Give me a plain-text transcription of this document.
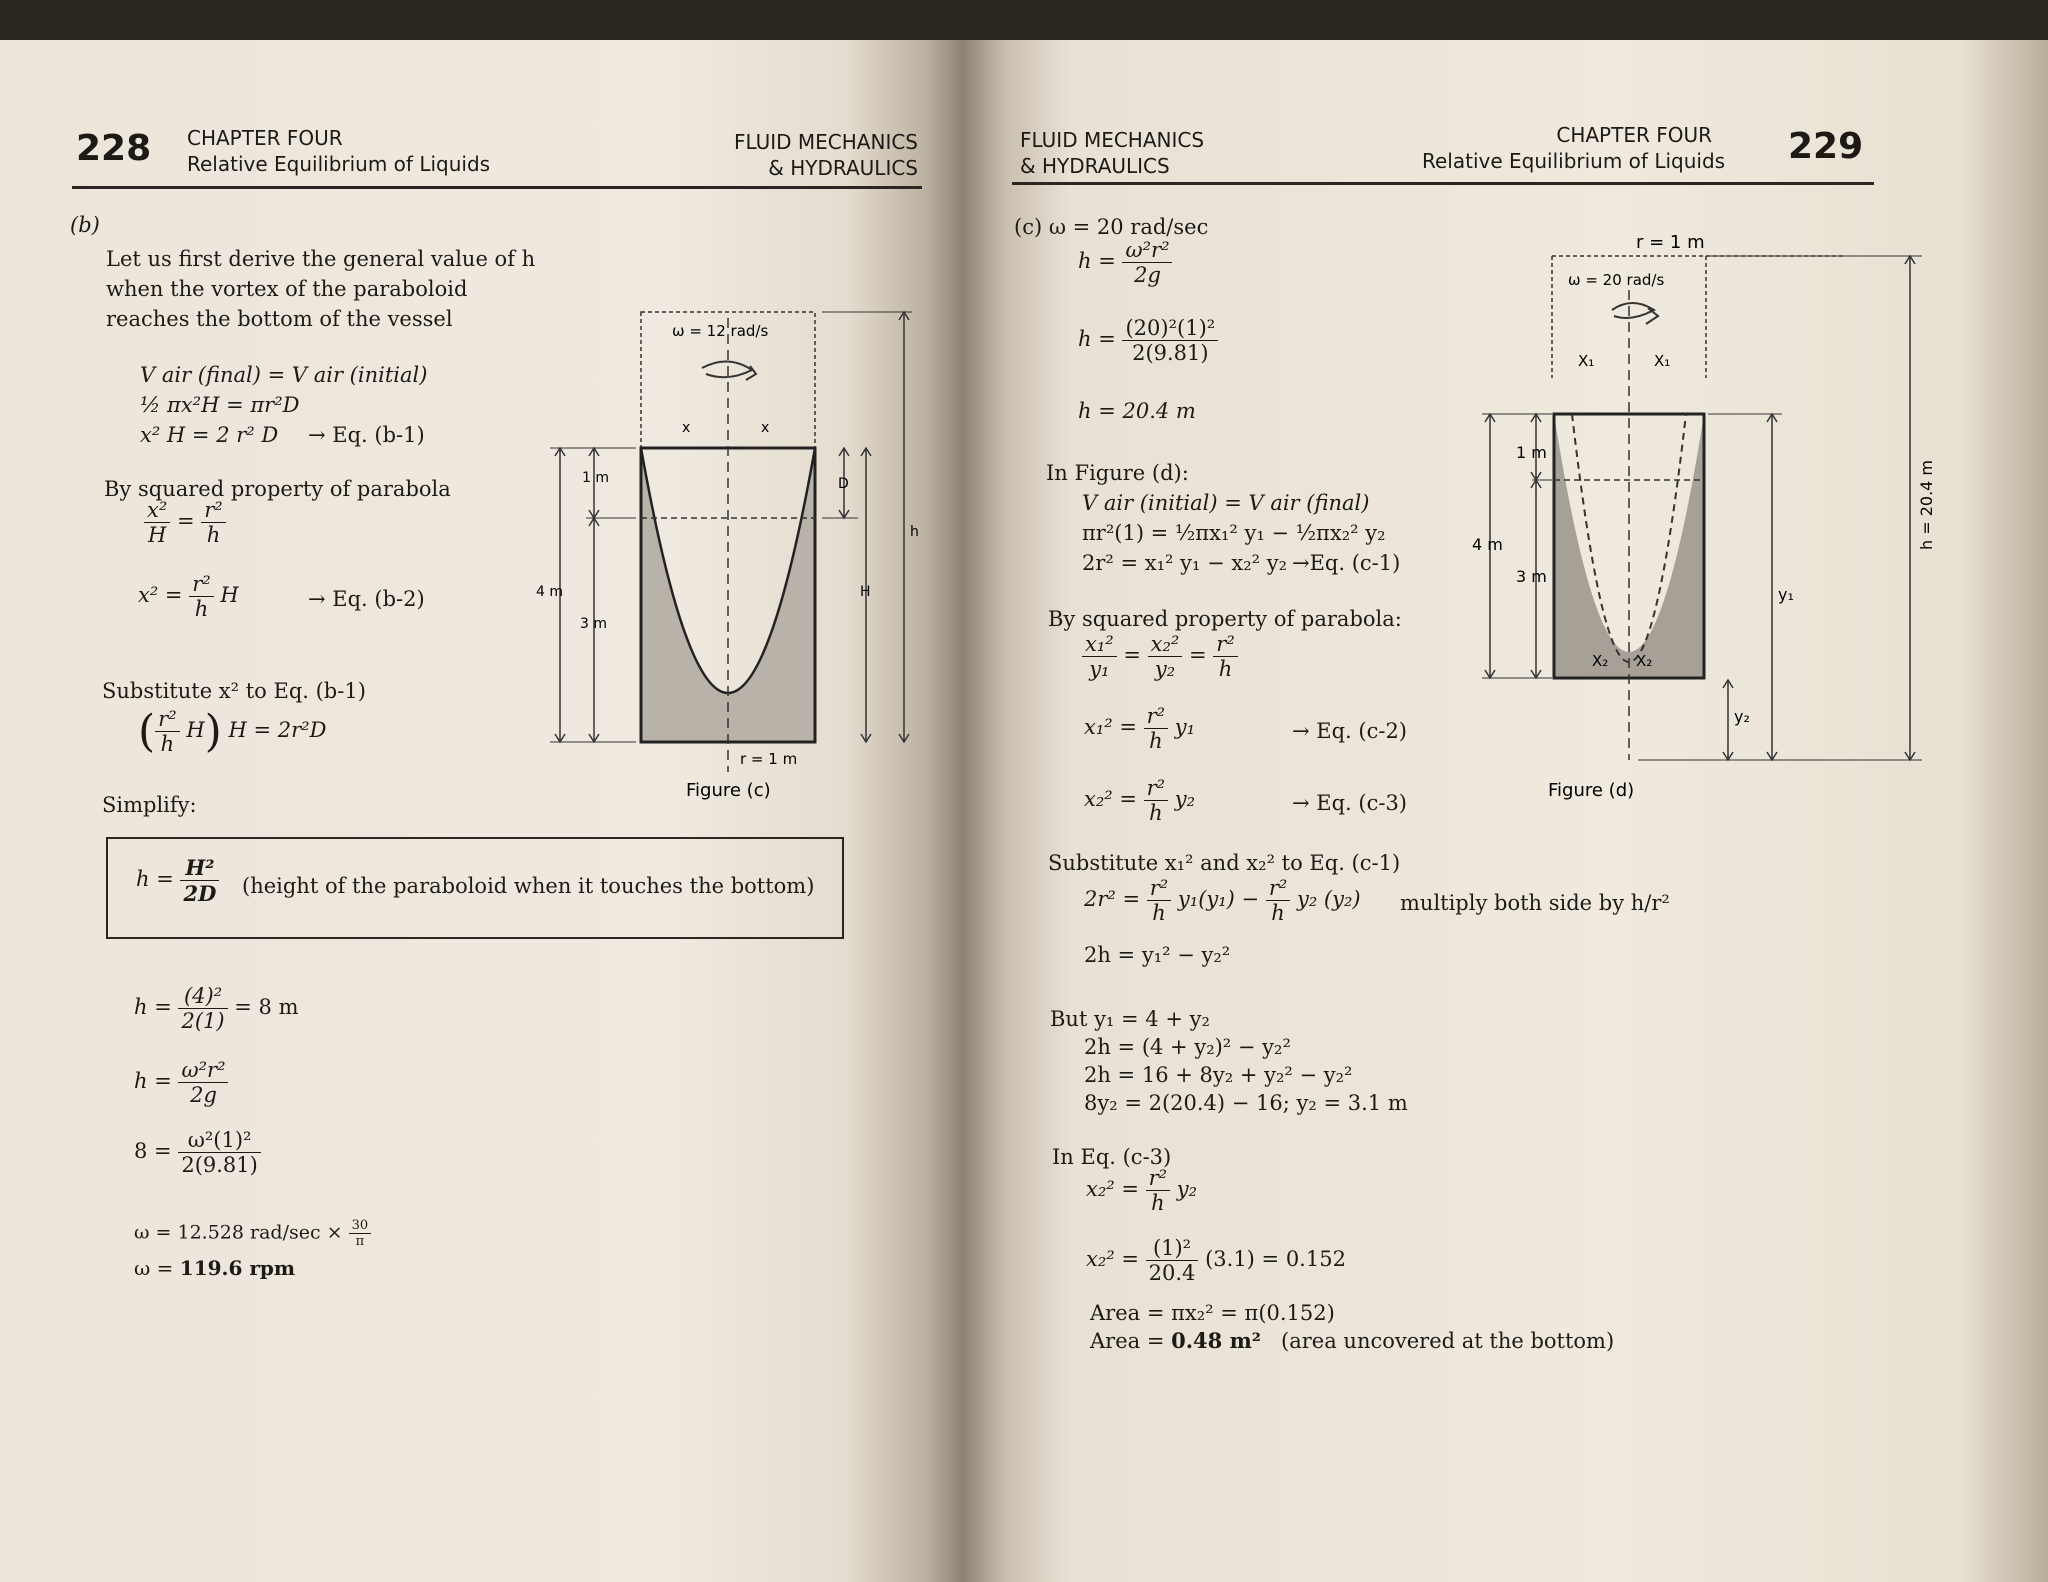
228 CHAPTER FOUR
Relative Equilibrium of Liquids
FLUID MECHANICS
& HYDRAULICS
(b)
Let us first derive the general value of h
when the vortex of the paraboloid
reaches the bottom of the vessel
V air (final) = V air (initial)
½ πx²H = πr²D
x² H = 2 r² D → Eq. (b-1)
By squared property of parabola
$\frac{\text{x²}}{H} = \frac{\text{r²}}{h}$
$x^2 = \frac{\text{r²}}{h}$ H	→ Eq. (b-2)
Substitute x² to Eq. (b-1)
( $\frac{\text{r²}}{h} H$) H = 2r²D
Simplify:
$h = \frac{\text{H²}}{2D}$ (height of the paraboloid when it touches the bottom)
$h = \frac{\text{(4)²}}{2(1)} = 8$ m
$h = \frac{\text{ω²r²}}{2g}$
$8 = \frac{\text{ω²(1)²}}{2(9.81)}$
ω = 12.528 $rad/\sec \times \frac{30}{\pi}$
ω = 119.6 rpm
ω = 12 rad/s
x	x
4 m
1 m
3 m
D
H
h
r = 1 m
Figure (c)
FLUID MECHANICS
& HYDRAULICS
CHAPTER FOUR
Relative Equilibrium of Liquids 229
(c) ω = 20 rad/sec
$h = \frac{\text{ω²r²}}{2g}$
$h = \frac{\text{(20)²(1)²}}{2(9.81)}$
h = 20.4 m
In Figure (d):
V air (initial) = V air (final)
πr²(1) = ½πx₁² y₁ − ½πx₂² y₂
2r² = x₁² y₁ − x₂² y₂ →Eq. (c-1)
By squared property of parabola:
$\frac{\text{x₁²}}{\text{y₁}} = \frac{\text{x₂²}}{\text{y₂}} = \frac{\text{r²}}{h}$
$x_1^2 = \frac{\text{r²}}{h} y_1$	→ Eq. (c-2)
$x_2^2 = \frac{\text{r²}}{h} y_2$	→ Eq. (c-3)
Substitute x₁² and x₂² to Eq. (c-1)
$2r^2 = \frac{\text{r²}}{h} y_1(y_1) - \frac{\text{r²}}{h} y_2$ (y₂) multiply both side by h/r²
2h = y₁² − y₂²
But y₁ = 4 + y₂
2h = (4 + y₂)² − y₂²
2h = 16 + 8y₂ + y₂² − y₂²
8y₂ = 2(20.4) − 16; y₂ = 3.1 m
In Eq. (c-3)
$x_2^2 = \frac{\text{r²}}{h} y_2$
$x_2^2 = \frac{\text{(1)²}}{20.4} (3.1) = 0.152$
Area = πx₂² = π(0.152)
Area = 0.48 m² (area uncovered at the bottom)
r = 1 m
ω = 20 rad/s
X₁	X₁
X₂ X₂
4 m
1 m
3 m
y₁
y₂
h = 20.4 m
Figure (d)
